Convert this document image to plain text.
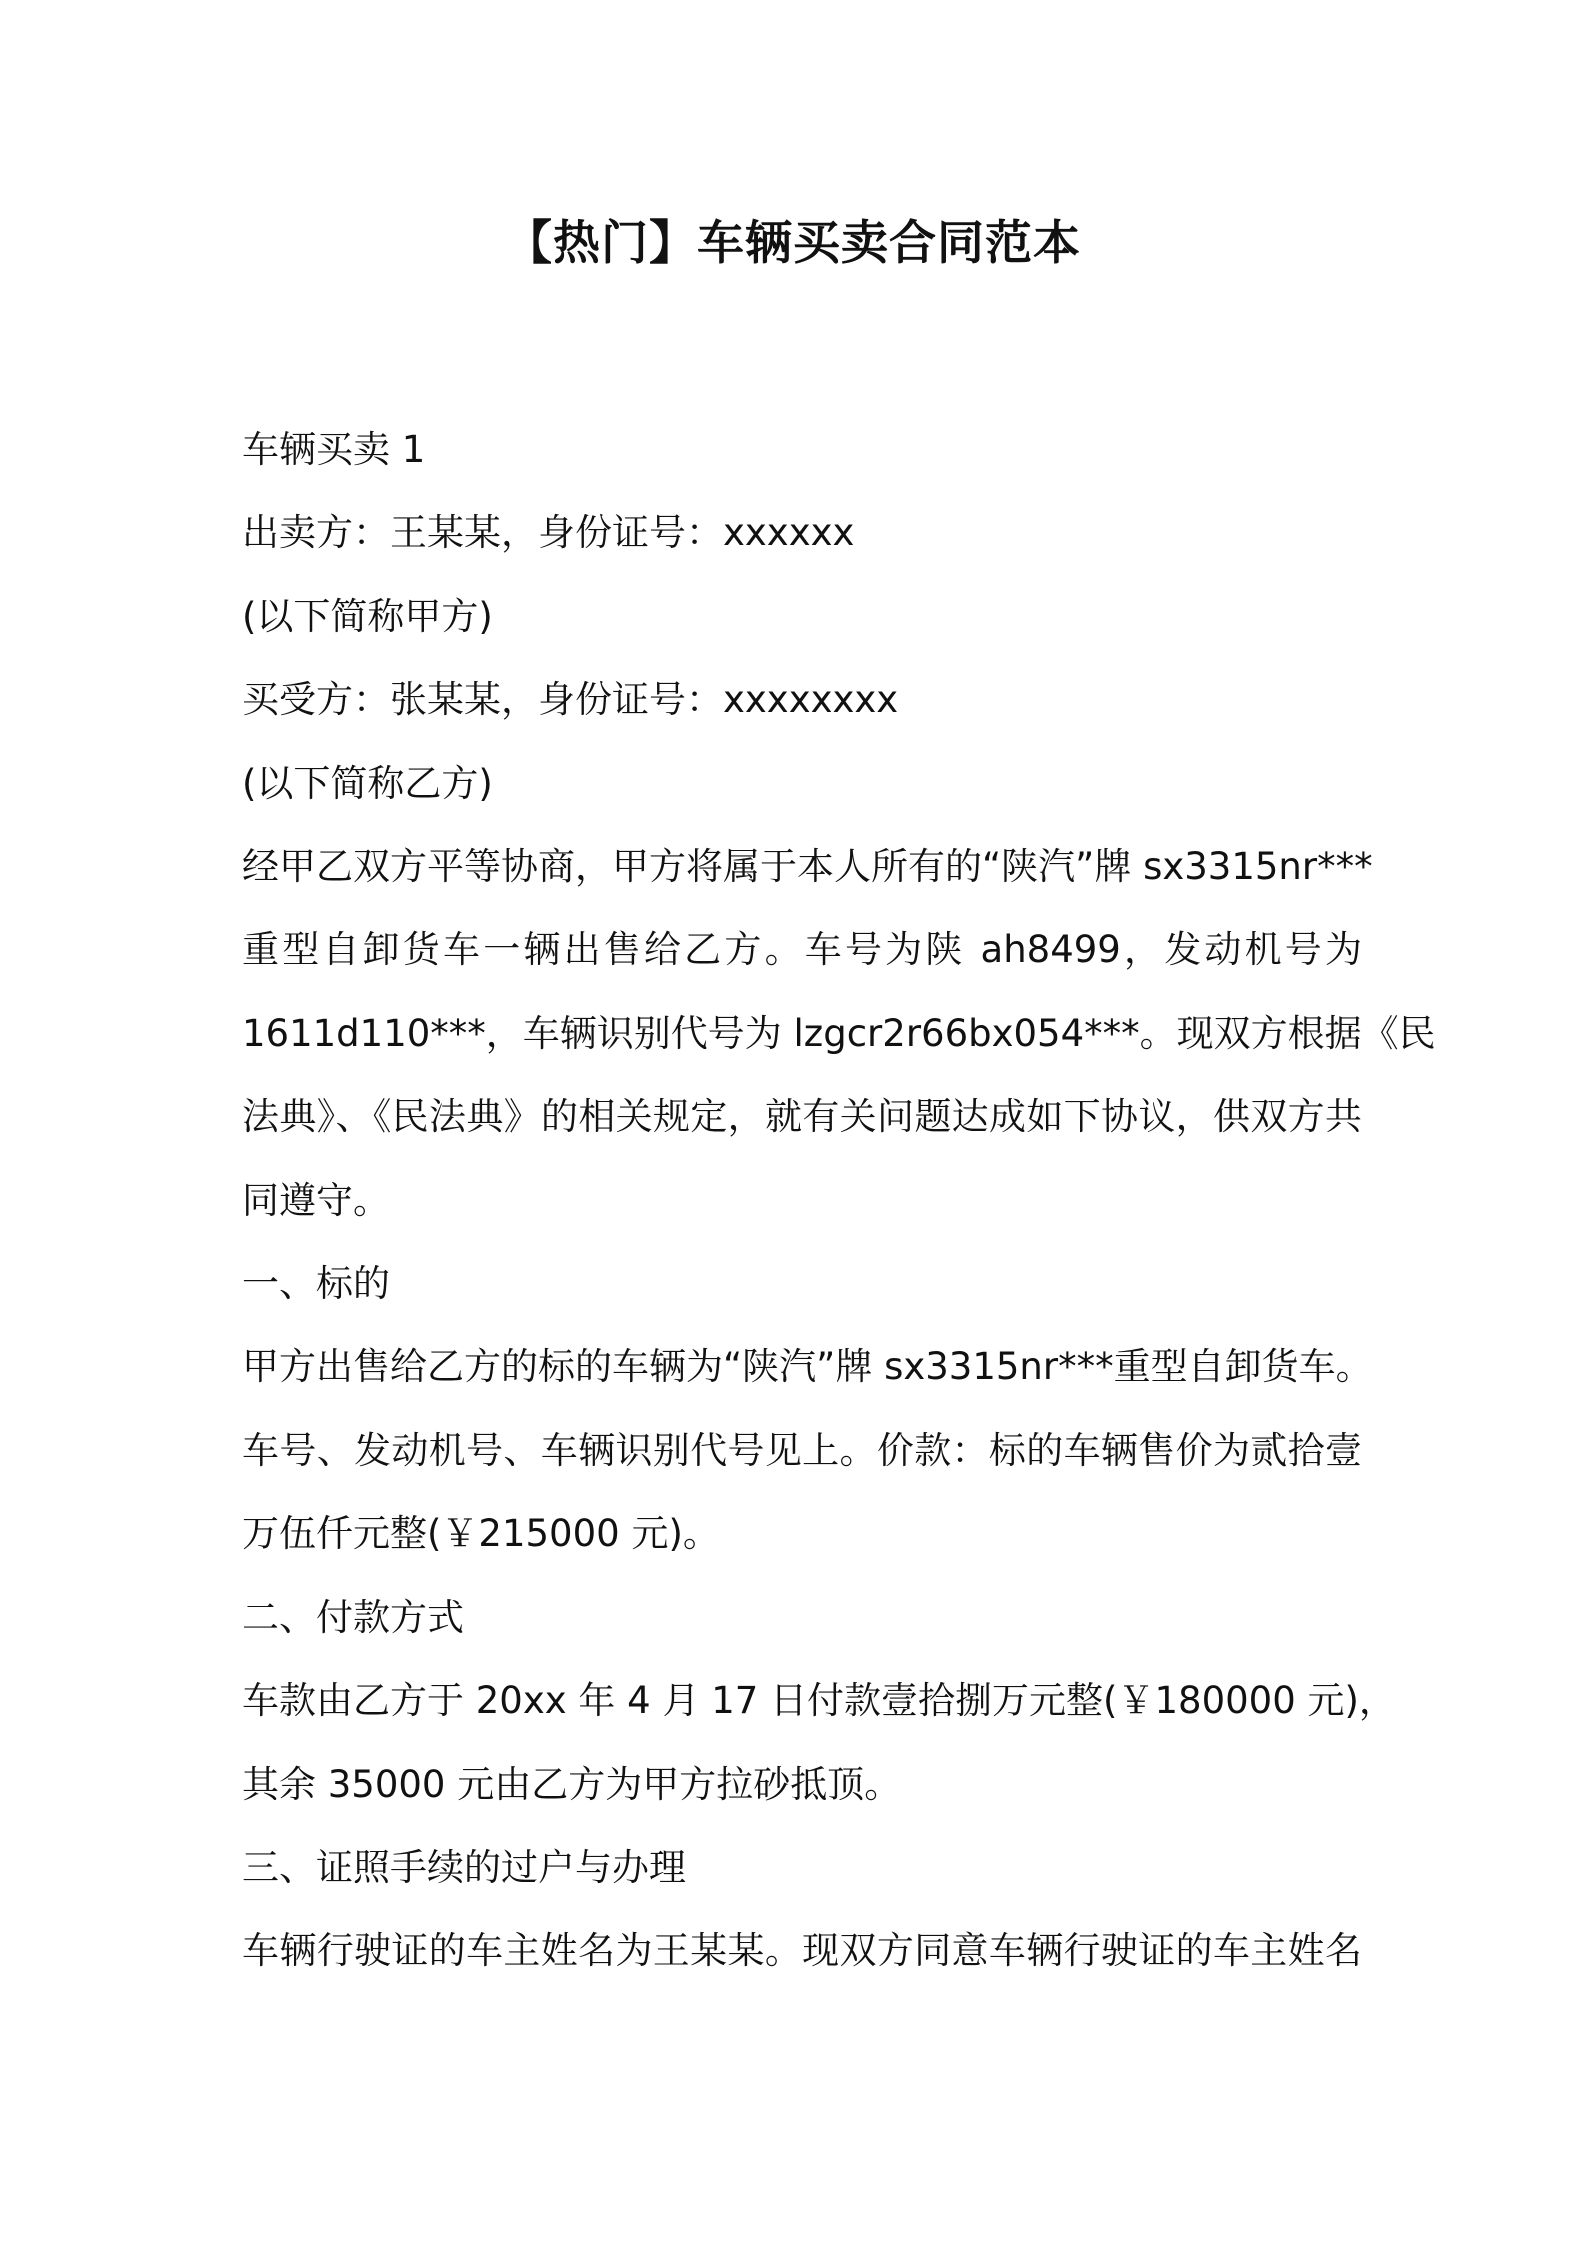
【热门】车辆买卖合同范本

车辆买卖 1

出卖方：王某某，身份证号：xxxxxx

(以下简称甲方)

买受方：张某某，身份证号：xxxxxxxx

(以下简称乙方)

经甲乙双方平等协商，甲方将属于本人所有的“陕汽”牌 sx3315nr***

重型自卸货车一辆出售给乙方。车号为陕 ah8499，发动机号为

1611d110***，车辆识别代号为 lzgcr2r66bx054***。现双方根据《民

法典》、《民法典》的相关规定，就有关问题达成如下协议，供双方共

同遵守。

一、标的

甲方出售给乙方的标的车辆为“陕汽”牌 sx3315nr***重型自卸货车。

车号、发动机号、车辆识别代号见上。价款：标的车辆售价为贰拾壹

万伍仟元整(￥215000 元)。

二、付款方式

车款由乙方于 20xx 年 4 月 17 日付款壹拾捌万元整(￥180000 元)，

其余 35000 元由乙方为甲方拉砂抵顶。

三、证照手续的过户与办理

车辆行驶证的车主姓名为王某某。现双方同意车辆行驶证的车主姓名
